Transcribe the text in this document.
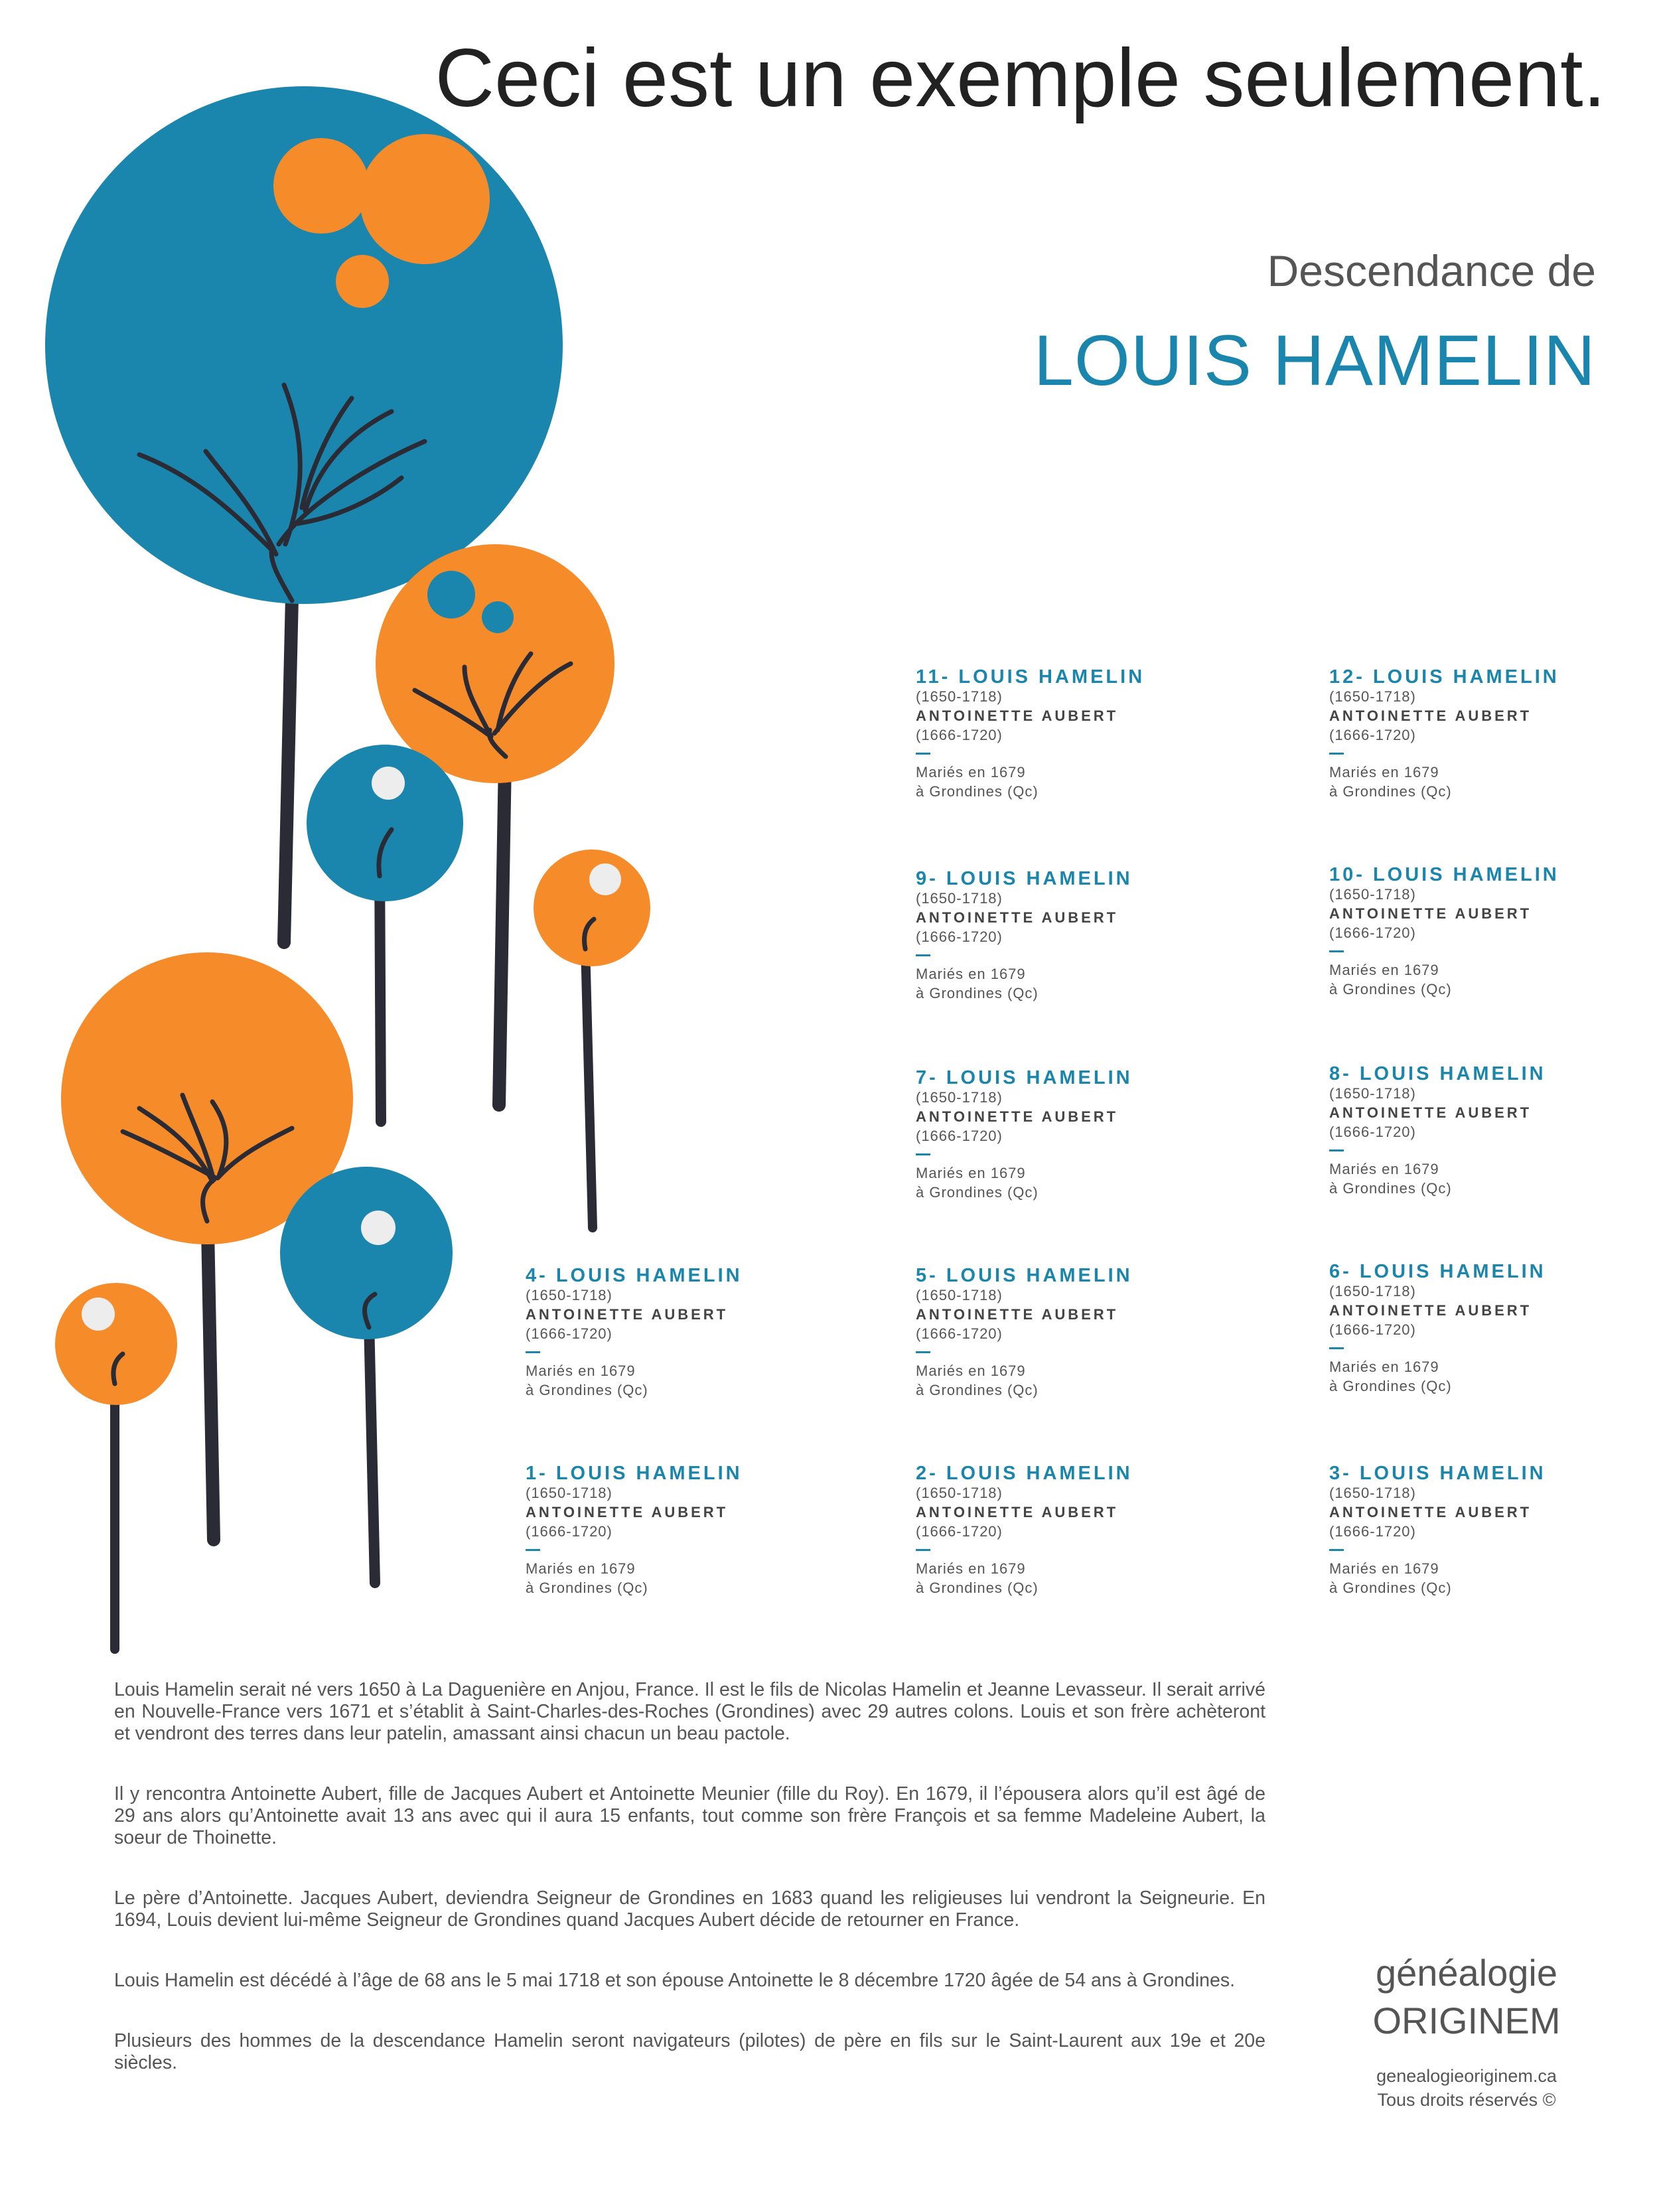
Ceci est un exemple seulement.
Descendance de
LOUIS HAMELIN
11- LOUIS HAMELIN
(1650-1718)
ANTOINETTE AUBERT
(1666-1720)
Mariés en 1679
à Grondines (Qc)
12- LOUIS HAMELIN
(1650-1718)
ANTOINETTE AUBERT
(1666-1720)
Mariés en 1679
à Grondines (Qc)
9- LOUIS HAMELIN
(1650-1718)
ANTOINETTE AUBERT
(1666-1720)
Mariés en 1679
à Grondines (Qc)
10- LOUIS HAMELIN
(1650-1718)
ANTOINETTE AUBERT
(1666-1720)
Mariés en 1679
à Grondines (Qc)
7- LOUIS HAMELIN
(1650-1718)
ANTOINETTE AUBERT
(1666-1720)
Mariés en 1679
à Grondines (Qc)
8- LOUIS HAMELIN
(1650-1718)
ANTOINETTE AUBERT
(1666-1720)
Mariés en 1679
à Grondines (Qc)
4- LOUIS HAMELIN
(1650-1718)
ANTOINETTE AUBERT
(1666-1720)
Mariés en 1679
à Grondines (Qc)
5- LOUIS HAMELIN
(1650-1718)
ANTOINETTE AUBERT
(1666-1720)
Mariés en 1679
à Grondines (Qc)
6- LOUIS HAMELIN
(1650-1718)
ANTOINETTE AUBERT
(1666-1720)
Mariés en 1679
à Grondines (Qc)
1- LOUIS HAMELIN
(1650-1718)
ANTOINETTE AUBERT
(1666-1720)
Mariés en 1679
à Grondines (Qc)
2- LOUIS HAMELIN
(1650-1718)
ANTOINETTE AUBERT
(1666-1720)
Mariés en 1679
à Grondines (Qc)
3- LOUIS HAMELIN
(1650-1718)
ANTOINETTE AUBERT
(1666-1720)
Mariés en 1679
à Grondines (Qc)

Louis Hamelin serait né vers 1650 à La Daguenière en Anjou, France. Il est le fils de Nicolas Hamelin et Jeanne Levasseur. Il serait arrivé en Nouvelle-France vers 1671 et s’établit à Saint-Charles-des-Roches (Grondines) avec 29 autres colons. Louis et son frère achèteront et vendront des terres dans leur patelin, amassant ainsi chacun un beau pactole.

Il y rencontra Antoinette Aubert, fille de Jacques Aubert et Antoinette Meunier (fille du Roy). En 1679, il l’épousera alors qu’il est âgé de 29 ans alors qu’Antoinette avait 13 ans avec qui il aura 15 enfants, tout comme son frère François et sa femme Madeleine Aubert, la soeur de Thoinette.

Le père d’Antoinette. Jacques Aubert, deviendra Seigneur de Grondines en 1683 quand les religieuses lui vendront la Seigneurie. En 1694, Louis devient lui-même Seigneur de Grondines quand Jacques Aubert décide de retourner en France.

Louis Hamelin est décédé à l’âge de 68 ans le 5 mai 1718 et son épouse Antoinette le 8 décembre 1720 âgée de 54 ans à Grondines.

Plusieurs des hommes de la descendance Hamelin seront navigateurs (pilotes) de père en fils sur le Saint-Laurent aux 19e et 20e siècles.

généalogie
ORIGINEM
genealogieoriginem.ca
Tous droits réservés ©
